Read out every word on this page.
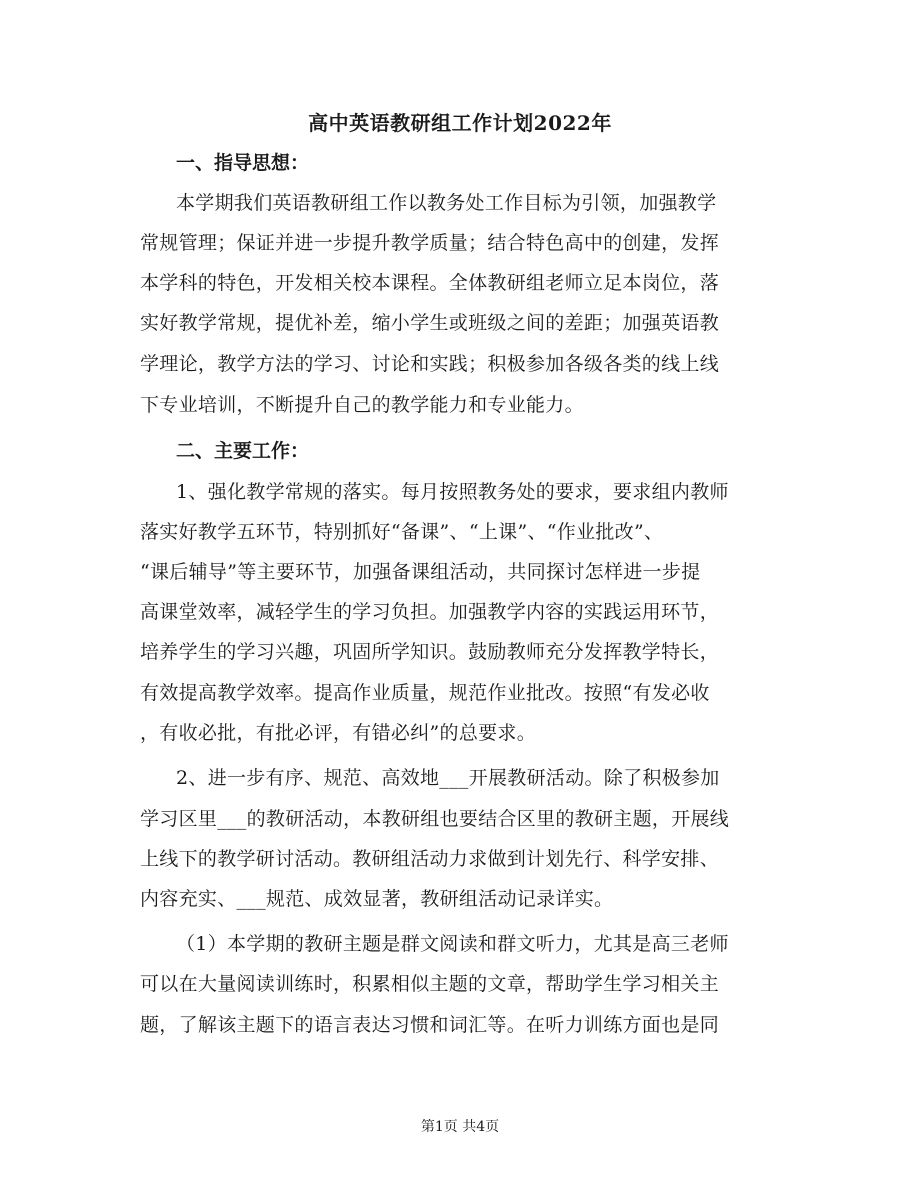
高中英语教研组工作计划2022年
一、指导思想：
本学期我们英语教研组工作以教务处工作目标为引领，加强教学
常规管理；保证并进一步提升教学质量；结合特色高中的创建，发挥
本学科的特色，开发相关校本课程。全体教研组老师立足本岗位，落
实好教学常规，提优补差，缩小学生或班级之间的差距；加强英语教
学理论，教学方法的学习、讨论和实践；积极参加各级各类的线上线
下专业培训，不断提升自己的教学能力和专业能力。
二、主要工作：
1、强化教学常规的落实。每月按照教务处的要求，要求组内教师
落实好教学五环节，特别抓好“备课”、“上课”、“作业批改”、
“课后辅导”等主要环节，加强备课组活动，共同探讨怎样进一步提
高课堂效率，减轻学生的学习负担。加强教学内容的实践运用环节，
培养学生的学习兴趣，巩固所学知识。鼓励教师充分发挥教学特长，
有效提高教学效率。提高作业质量，规范作业批改。按照“有发必收
，有收必批，有批必评，有错必纠”的总要求。
2、进一步有序、规范、高效地___开展教研活动。除了积极参加
学习区里___的教研活动，本教研组也要结合区里的教研主题，开展线
上线下的教学研讨活动。教研组活动力求做到计划先行、科学安排、
内容充实、___规范、成效显著，教研组活动记录详实。
（1）本学期的教研主题是群文阅读和群文听力，尤其是高三老师
可以在大量阅读训练时，积累相似主题的文章，帮助学生学习相关主
题，了解该主题下的语言表达习惯和词汇等。在听力训练方面也是同
第1页 共4页
